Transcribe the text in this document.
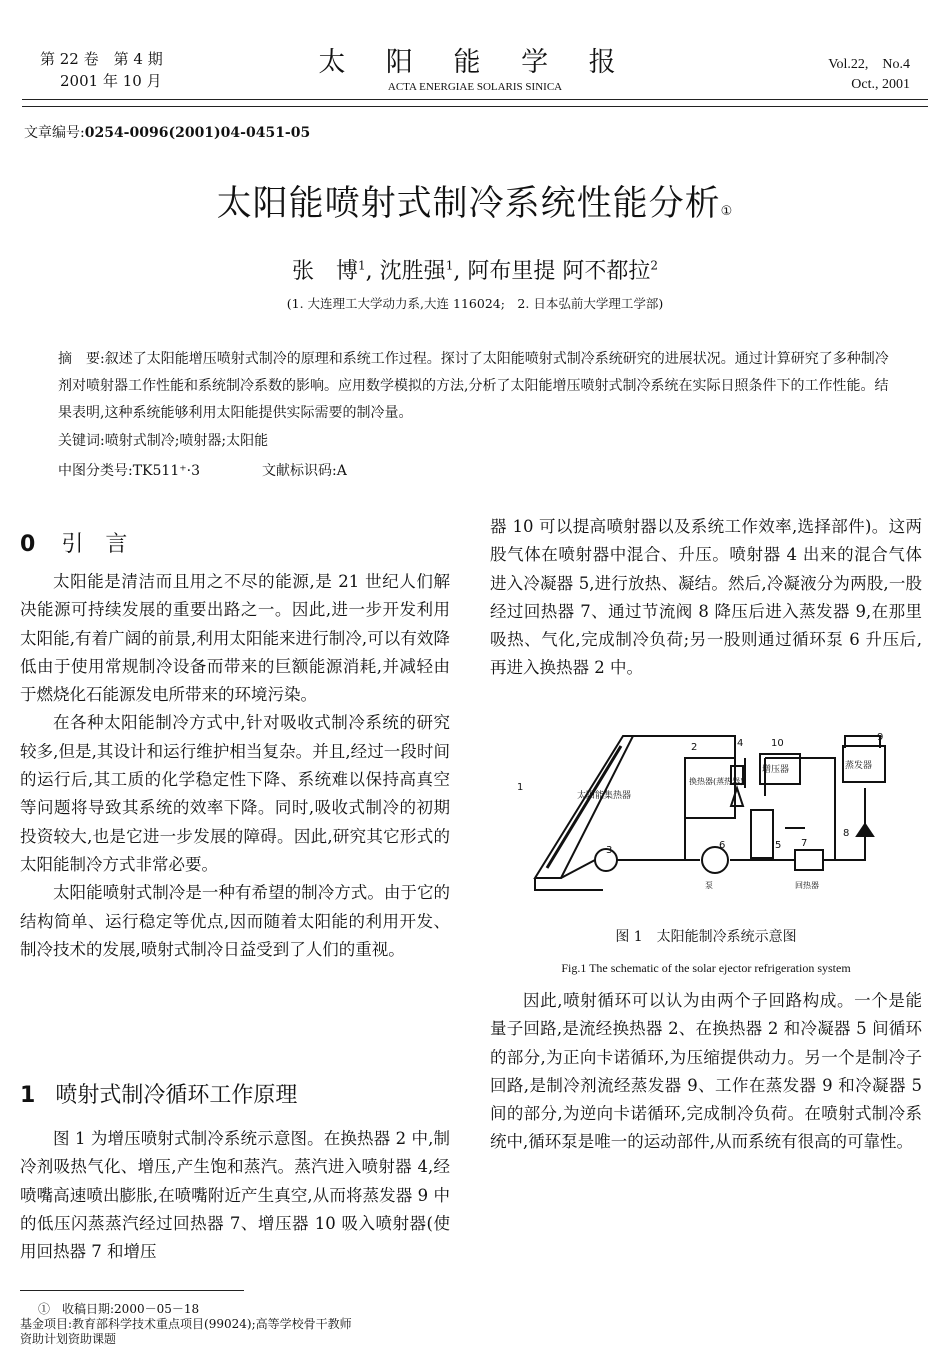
第 22 卷　第 4 期
2001 年 10 月
太 阳 能 学 报
ACTA ENERGIAE SOLARIS SINICA
Vol.22,　No.4
Oct., 2001
文章编号:0254-0096(2001)04-0451-05
太阳能喷射式制冷系统性能分析①
张　博$^1$, 沈胜强$^1$, 阿布里提 阿不都拉$^2$
(1. 大连理工大学动力系,大连 116024;　2. 日本弘前大学理工学部)
摘　要:叙述了太阳能增压喷射式制冷的原理和系统工作过程。探讨了太阳能喷射式制冷系统研究的进展状况。通过计算研究了多种制冷剂对喷射器工作性能和系统制冷系数的影响。应用数学模拟的方法,分析了太阳能增压喷射式制冷系统在实际日照条件下的工作性能。结果表明,这种系统能够利用太阳能提供实际需要的制冷量。
关键词:喷射式制冷;喷射器;太阳能
中图分类号:TK511⁺·3	文献标识码:A
0 引　言

太阳能是清洁而且用之不尽的能源,是 21 世纪人们解决能源可持续发展的重要出路之一。因此,进一步开发利用太阳能,有着广阔的前景,利用太阳能来进行制冷,可以有效降低由于使用常规制冷设备而带来的巨额能源消耗,并减轻由于燃烧化石能源发电所带来的环境污染。

在各种太阳能制冷方式中,针对吸收式制冷系统的研究较多,但是,其设计和运行维护相当复杂。并且,经过一段时间的运行后,其工质的化学稳定性下降、系统难以保持高真空等问题将导致其系统的效率下降。同时,吸收式制冷的初期投资较大,也是它进一步发展的障碍。因此,研究其它形式的太阳能制冷方式非常必要。

太阳能喷射式制冷是一种有希望的制冷方式。由于它的结构简单、运行稳定等优点,因而随着太阳能的利用开发、制冷技术的发展,喷射式制冷日益受到了人们的重视。

1 喷射式制冷循环工作原理

图 1 为增压喷射式制冷系统示意图。在换热器 2 中,制冷剂吸热气化、增压,产生饱和蒸汽。蒸汽进入喷射器 4,经喷嘴高速喷出膨胀,在喷嘴附近产生真空,从而将蒸发器 9 中的低压闪蒸蒸汽经过回热器 7、增压器 10 吸入喷射器(使用回热器 7 和增压

器 10 可以提高喷射器以及系统工作效率,选择部件)。这两股气体在喷射器中混合、升压。喷射器 4 出来的混合气体进入冷凝器 5,进行放热、凝结。然后,冷凝液分为两股,一股经过回热器 7、通过节流阀 8 降压后进入蒸发器 9,在那里吸热、气化,完成制冷负荷;另一股则通过循环泵 6 升压后,再进入换热器 2 中。

1
2
3
4
5
6	7
8
9
10
太阳能集热器
换热器(蒸热器)
增压器	蒸发器
泵	回热器
图 1　太阳能制冷系统示意图
Fig.1 The schematic of the solar ejector refrigeration system

因此,喷射循环可以认为由两个子回路构成。一个是能量子回路,是流经换热器 2、在换热器 2 和冷凝器 5 间循环的部分,为正向卡诺循环,为压缩提供动力。另一个是制冷子回路,是制冷剂流经蒸发器 9、工作在蒸发器 9 和冷凝器 5 间的部分,为逆向卡诺循环,完成制冷负荷。在喷射式制冷系统中,循环泵是唯一的运动部件,从而系统有很高的可靠性。

①　收稿日期:2000－05－18
基金项目:教育部科学技术重点项目(99024);高等学校骨干教师
资助计划资助课题
